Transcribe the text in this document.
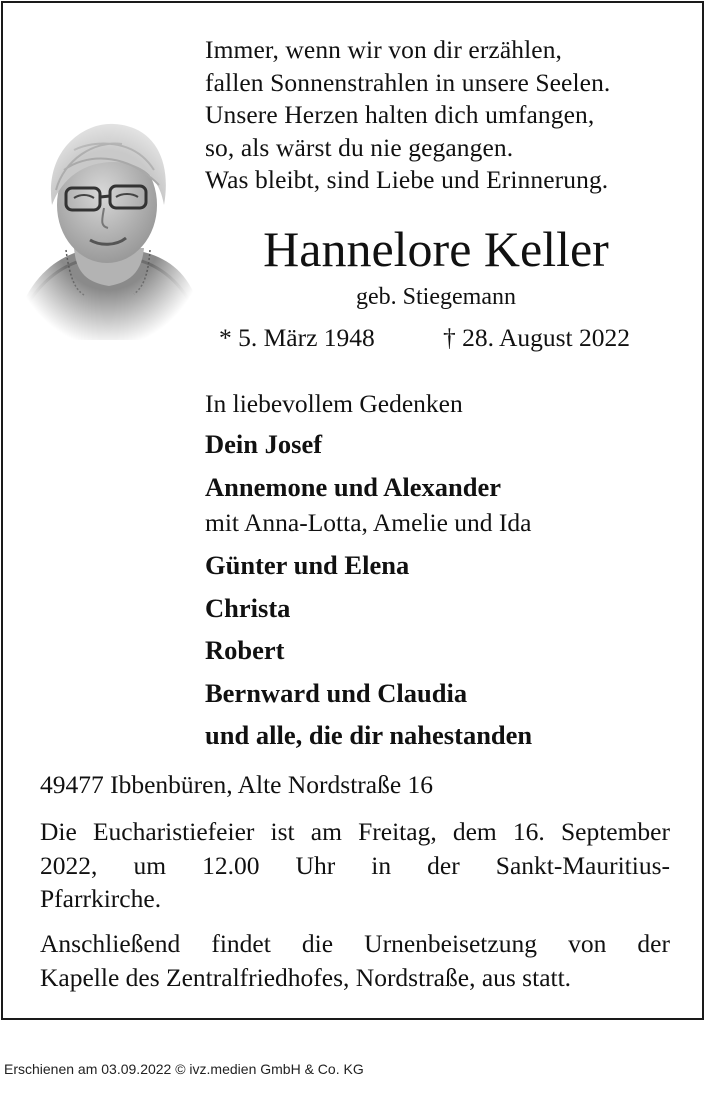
Immer, wenn wir von dir erzählen,
fallen Sonnenstrahlen in unsere Seelen.
Unsere Herzen halten dich umfangen,
so, als wärst du nie gegangen.
Was bleibt, sind Liebe und Erinnerung.
Hannelore Keller
geb. Stiegemann
* 5. März 1948	† 28. August 2022
In liebevollem Gedenken
Dein Josef
Annemone und Alexander
mit Anna-Lotta, Amelie und Ida
Günter und Elena
Christa
Robert
Bernward und Claudia
und alle, die dir nahestanden
49477 Ibbenbüren, Alte Nordstraße 16
Die Eucharistiefeier ist am Freitag, dem 16. September
2022, um 12.00 Uhr in der Sankt-Mauritius-
Pfarrkirche.
Anschließend findet die Urnenbeisetzung von der
Kapelle des Zentralfriedhofes, Nordstraße, aus statt.
Erschienen am 03.09.2022 © ivz.medien GmbH & Co. KG
